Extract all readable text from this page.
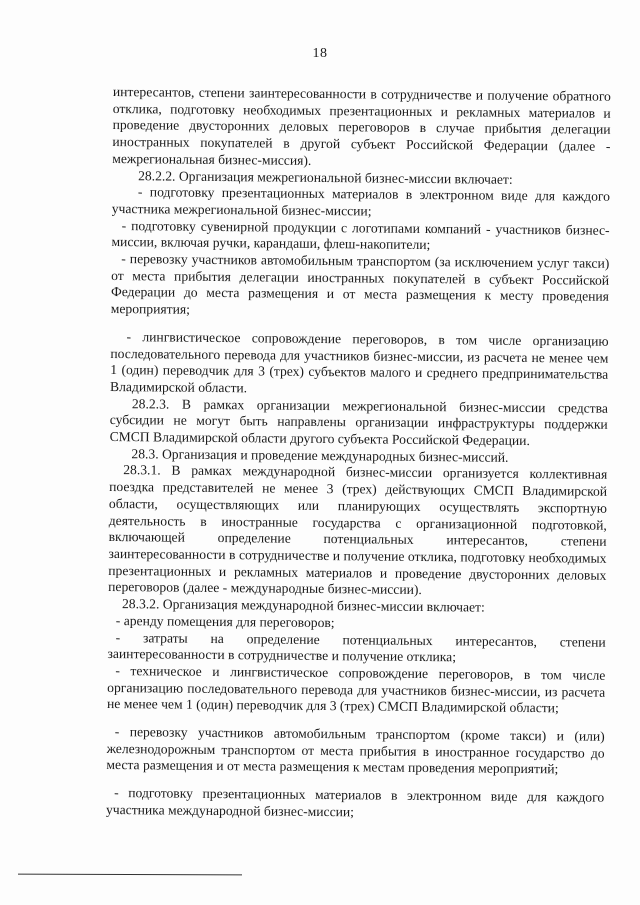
18

интересантов, степени заинтересованности в сотрудничестве и получение обратного отклика, подготовку необходимых презентационных и рекламных материалов и проведение двусторонних деловых переговоров в случае прибытия делегации иностранных покупателей в другой субъект Российской Федерации (далее - межрегиональная бизнес-миссия).

28.2.2. Организация межрегиональной бизнес-миссии включает:

- подготовку презентационных материалов в электронном виде для каждого участника межрегиональной бизнес-миссии;

- подготовку сувенирной продукции с логотипами компаний - участников бизнес-миссии, включая ручки, карандаши, флеш-накопители;

- перевозку участников автомобильным транспортом (за исключением услуг такси) от места прибытия делегации иностранных покупателей в субъект Российской Федерации до места размещения и от места размещения к месту проведения мероприятия;

- лингвистическое сопровождение переговоров, в том числе организацию последовательного перевода для участников бизнес-миссии, из расчета не менее чем 1 (один) переводчик для 3 (трех) субъектов малого и среднего предпринимательства Владимирской области.

28.2.3. В рамках организации межрегиональной бизнес-миссии средства субсидии не могут быть направлены организации инфраструктуры поддержки СМСП Владимирской области другого субъекта Российской Федерации.

28.3. Организация и проведение международных бизнес-миссий.

28.3.1. В рамках международной бизнес-миссии организуется коллективная поездка представителей не менее 3 (трех) действующих СМСП Владимирской области, осуществляющих или планирующих осуществлять экспортную деятельность в иностранные государства с организационной подготовкой, включающей определение потенциальных интересантов, степени заинтересованности в сотрудничестве и получение отклика, подготовку необходимых презентационных и рекламных материалов и проведение двусторонних деловых переговоров (далее - международные бизнес-миссии).

28.3.2. Организация международной бизнес-миссии включает:

- аренду помещения для переговоров;

- затраты на определение потенциальных интересантов, степени заинтересованности в сотрудничестве и получение отклика;

- техническое и лингвистическое сопровождение переговоров, в том числе организацию последовательного перевода для участников бизнес-миссии, из расчета не менее чем 1 (один) переводчик для 3 (трех) СМСП Владимирской области;

- перевозку участников автомобильным транспортом (кроме такси) и (или) железнодорожным транспортом от места прибытия в иностранное государство до места размещения и от места размещения к местам проведения мероприятий;

- подготовку презентационных материалов в электронном виде для каждого участника международной бизнес-миссии;
